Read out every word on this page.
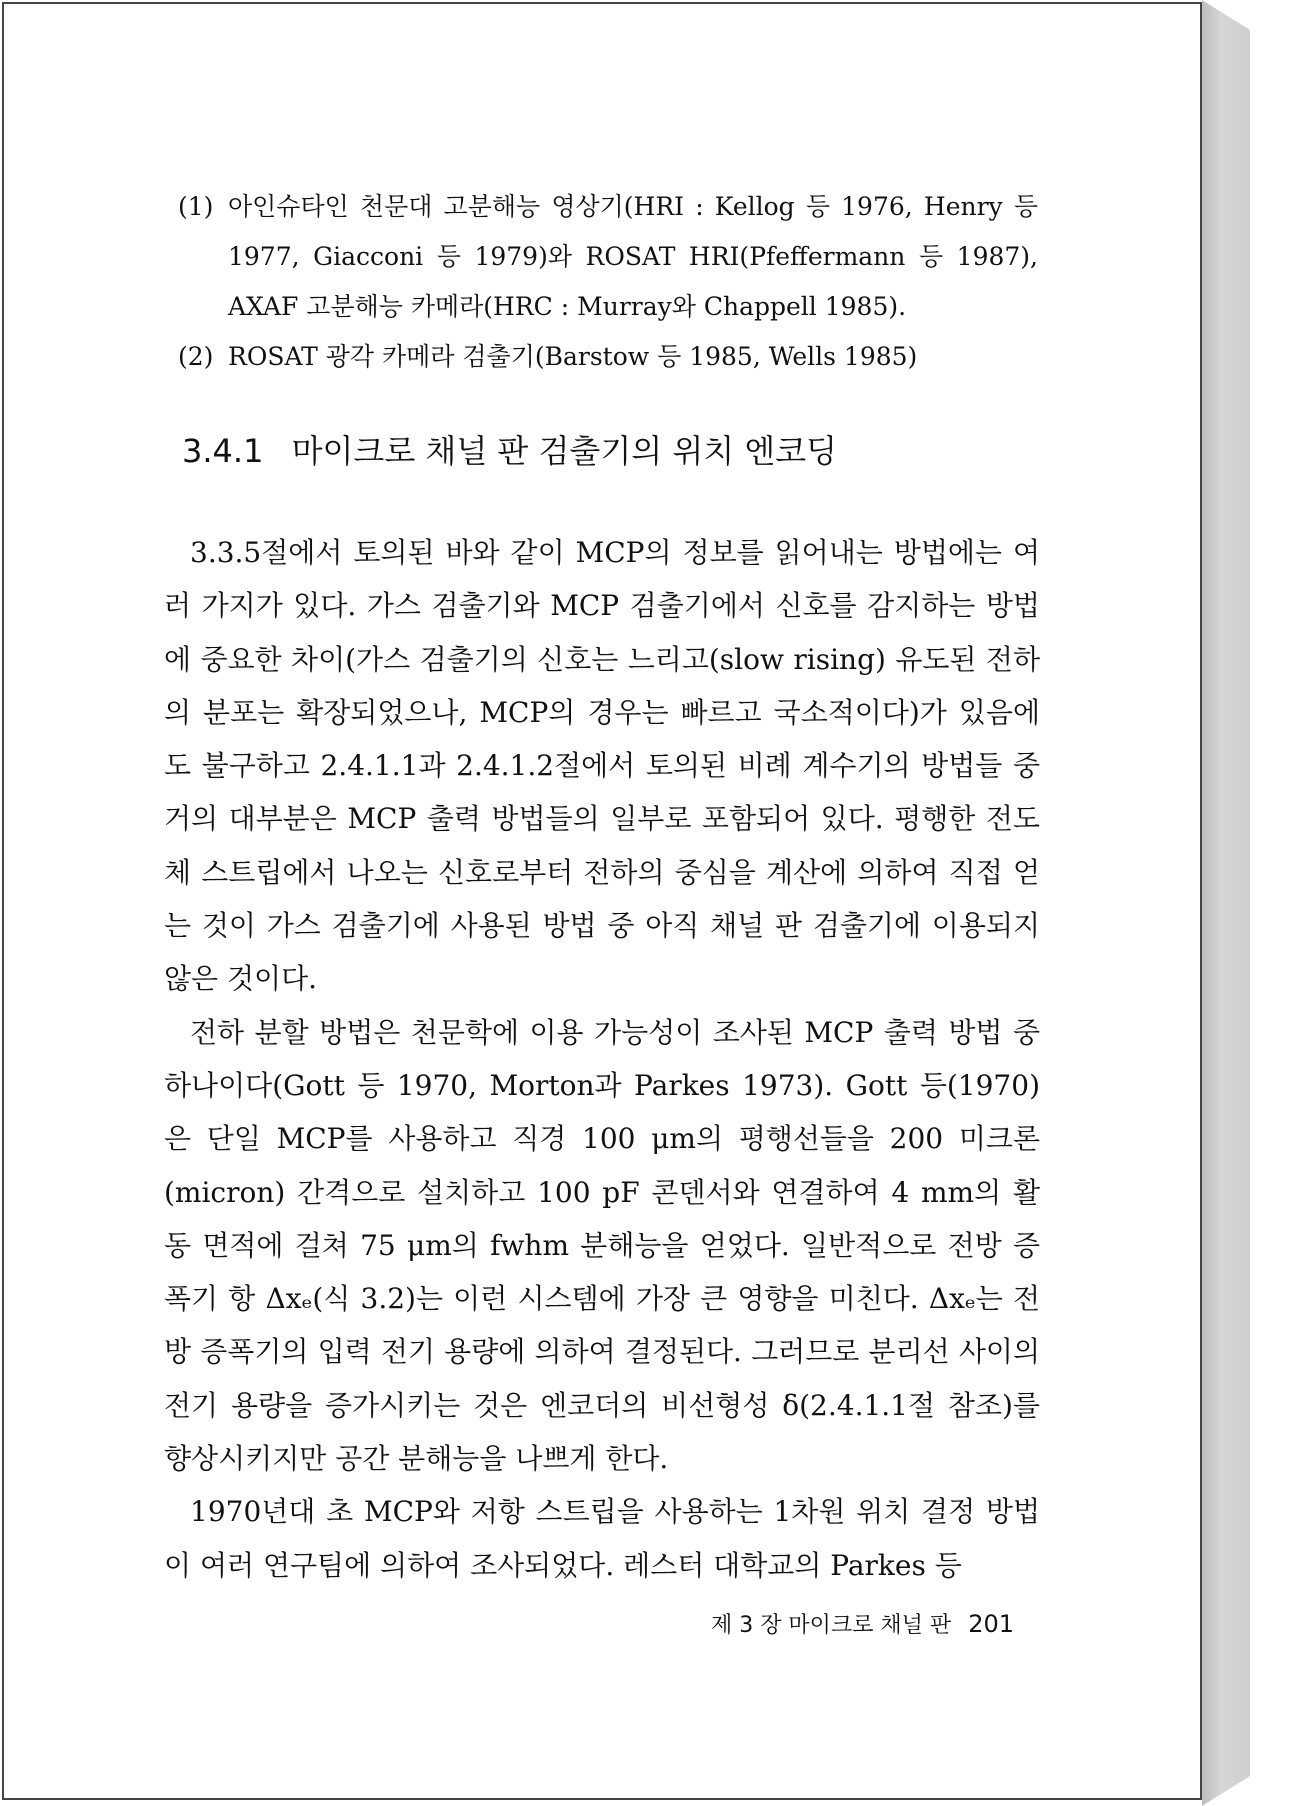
(1) 아인슈타인 천문대 고분해능 영상기(HRI : Kellog 등 1976, Henry 등 1977, Giacconi 등 1979)와 ROSAT HRI(Pfeffermann 등 1987), AXAF 고분해능 카메라(HRC : Murray와 Chappell 1985).
(2) ROSAT 광각 카메라 검출기(Barstow 등 1985, Wells 1985)
3.4.1 마이크로 채널 판 검출기의 위치 엔코딩

3.3.5절에서 토의된 바와 같이 MCP의 정보를 읽어내는 방법에는 여러 가지가 있다. 가스 검출기와 MCP 검출기에서 신호를 감지하는 방법에 중요한 차이(가스 검출기의 신호는 느리고(slow rising) 유도된 전하의 분포는 확장되었으나, MCP의 경우는 빠르고 국소적이다)가 있음에도 불구하고 2.4.1.1과 2.4.1.2절에서 토의된 비례 계수기의 방법들 중 거의 대부분은 MCP 출력 방법들의 일부로 포함되어 있다. 평행한 전도체 스트립에서 나오는 신호로부터 전하의 중심을 계산에 의하여 직접 얻는 것이 가스 검출기에 사용된 방법 중 아직 채널 판 검출기에 이용되지 않은 것이다.

전하 분할 방법은 천문학에 이용 가능성이 조사된 MCP 출력 방법 중 하나이다(Gott 등 1970, Morton과 Parkes 1973). Gott 등(1970)은 단일 MCP를 사용하고 직경 100 μm의 평행선들을 200 미크론(micron) 간격으로 설치하고 100 pF 콘덴서와 연결하여 4 mm의 활동 면적에 걸쳐 75 μm의 fwhm 분해능을 얻었다. 일반적으로 전방 증폭기 항 Δxₑ(식 3.2)는 이런 시스템에 가장 큰 영향을 미친다. Δxₑ는 전방 증폭기의 입력 전기 용량에 의하여 결정된다. 그러므로 분리선 사이의 전기 용량을 증가시키는 것은 엔코더의 비선형성 δ(2.4.1.1절 참조)를 향상시키지만 공간 분해능을 나쁘게 한다.

1970년대 초 MCP와 저항 스트립을 사용하는 1차원 위치 결정 방법이 여러 연구팀에 의하여 조사되었다. 레스터 대학교의 Parkes 등

제 3 장 마이크로 채널 판 201
